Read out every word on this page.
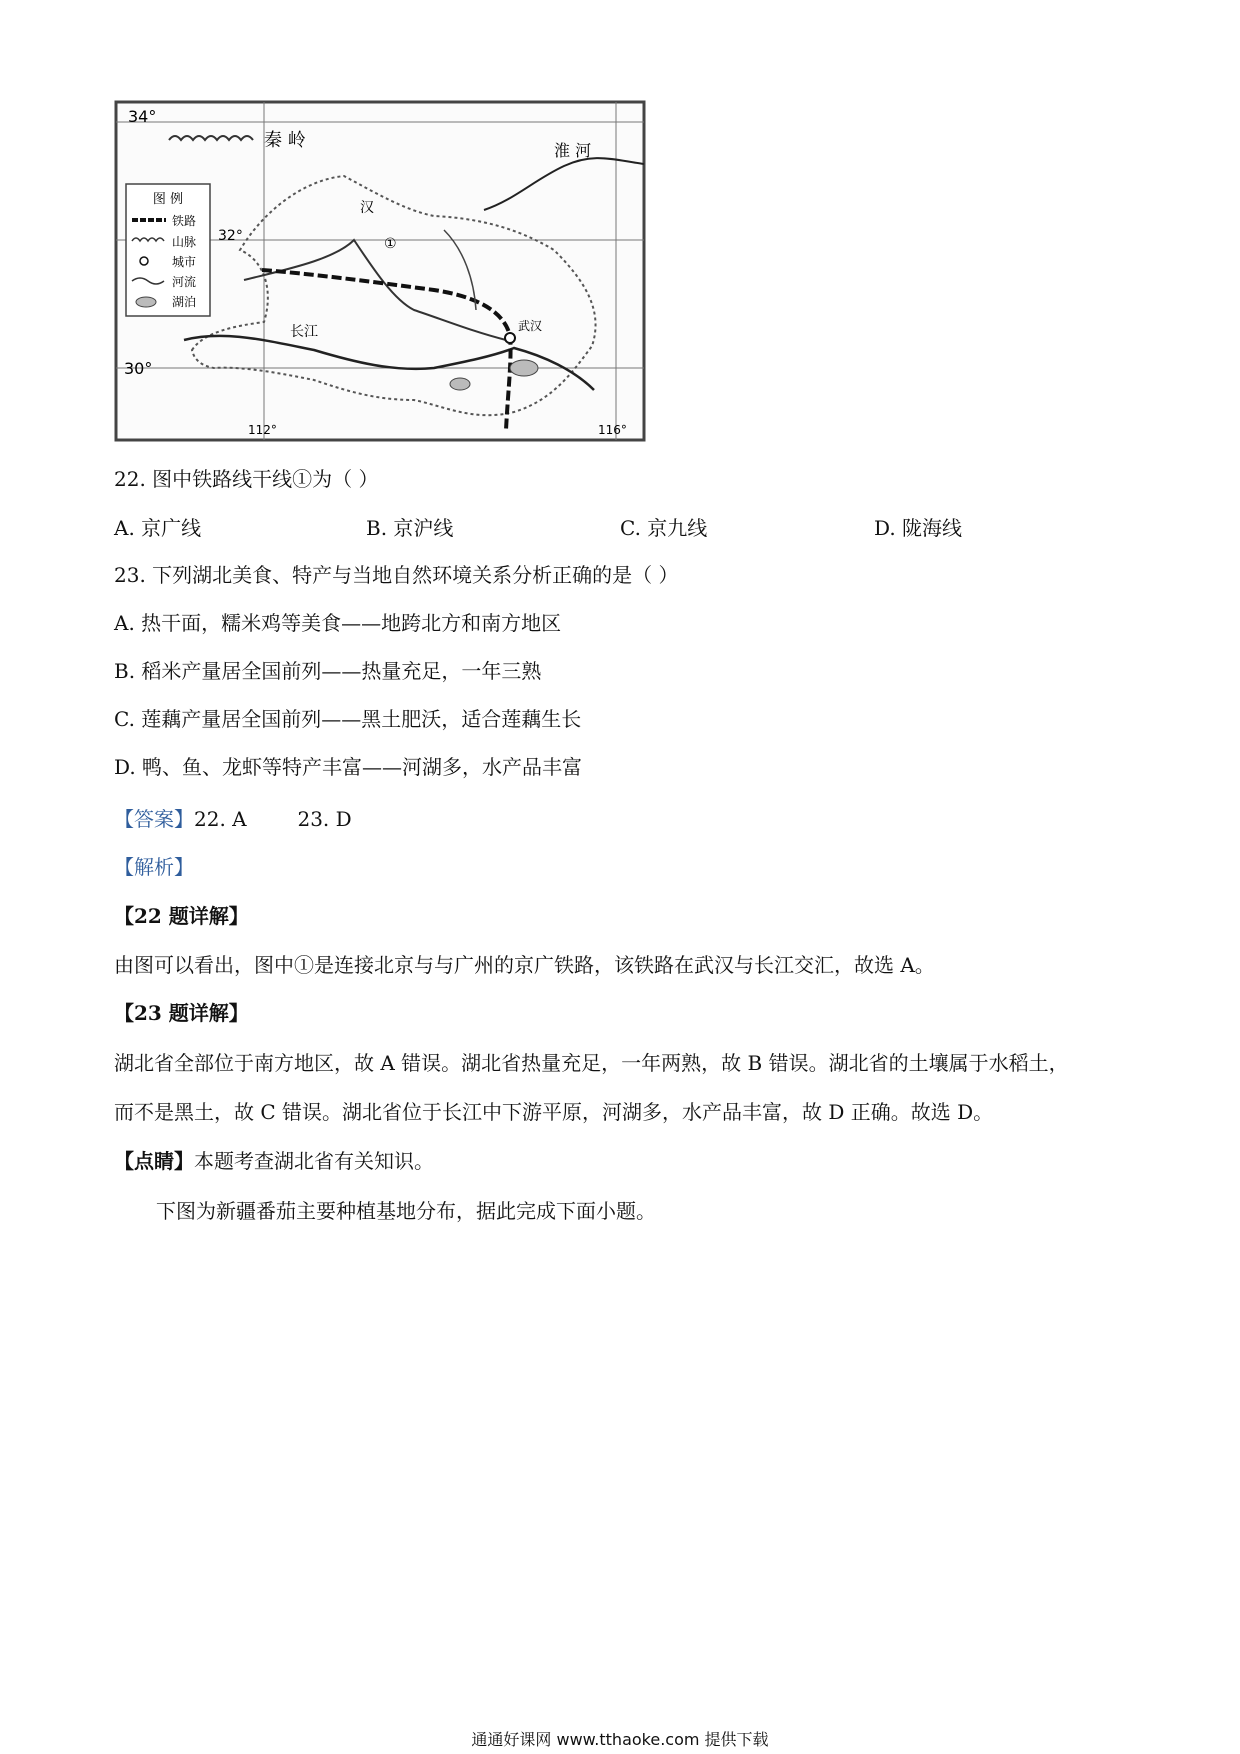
图 例
铁路
山脉
城市
河流
湖泊
34°
32°
30°
112°	116°
秦 岭	淮 河
汉
①
武汉
长江
22. 图中铁路线干线①为（ ）
A. 京广线	B. 京沪线	C. 京九线	D. 陇海线
23. 下列湖北美食、特产与当地自然环境关系分析正确的是（ ）
A. 热干面，糯米鸡等美食——地跨北方和南方地区
B. 稻米产量居全国前列——热量充足，一年三熟
C. 莲藕产量居全国前列——黑土肥沃，适合莲藕生长
D. 鸭、鱼、龙虾等特产丰富——河湖多，水产品丰富
【答案】22. A        23. D
【解析】
【22 题详解】
由图可以看出，图中①是连接北京与与广州的京广铁路，该铁路在武汉与长江交汇，故选 A。
【23 题详解】
湖北省全部位于南方地区，故 A 错误。湖北省热量充足，一年两熟，故 B 错误。湖北省的土壤属于水稻土，
而不是黑土，故 C 错误。湖北省位于长江中下游平原，河湖多，水产品丰富，故 D 正确。故选 D。
【点睛】本题考查湖北省有关知识。
下图为新疆番茄主要种植基地分布，据此完成下面小题。
通通好课网 www.tthaoke.com 提供下载
